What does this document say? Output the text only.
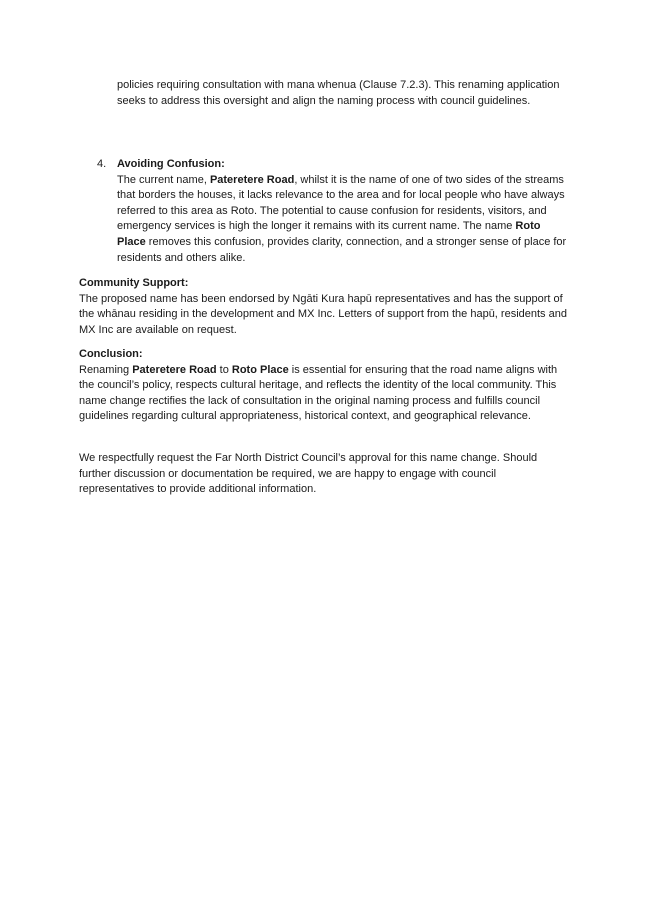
policies requiring consultation with mana whenua (Clause 7.2.3). This renaming application seeks to address this oversight and align the naming process with council guidelines.

4. Avoiding Confusion:

The current name, Pateretere Road, whilst it is the name of one of two sides of the streams that borders the houses, it lacks relevance to the area and for local people who have always referred to this area as Roto. The potential to cause confusion for residents, visitors, and emergency services is high the longer it remains with its current name. The name Roto Place removes this confusion, provides clarity, connection, and a stronger sense of place for residents and others alike.

Community Support:

The proposed name has been endorsed by Ngāti Kura hapū representatives and has the support of the whānau residing in the development and MX Inc. Letters of support from the hapū, residents and MX Inc are available on request.

Conclusion:

Renaming Pateretere Road to Roto Place is essential for ensuring that the road name aligns with the council’s policy, respects cultural heritage, and reflects the identity of the local community. This name change rectifies the lack of consultation in the original naming process and fulfills council guidelines regarding cultural appropriateness, historical context, and geographical relevance.

We respectfully request the Far North District Council’s approval for this name change. Should further discussion or documentation be required, we are happy to engage with council representatives to provide additional information.
